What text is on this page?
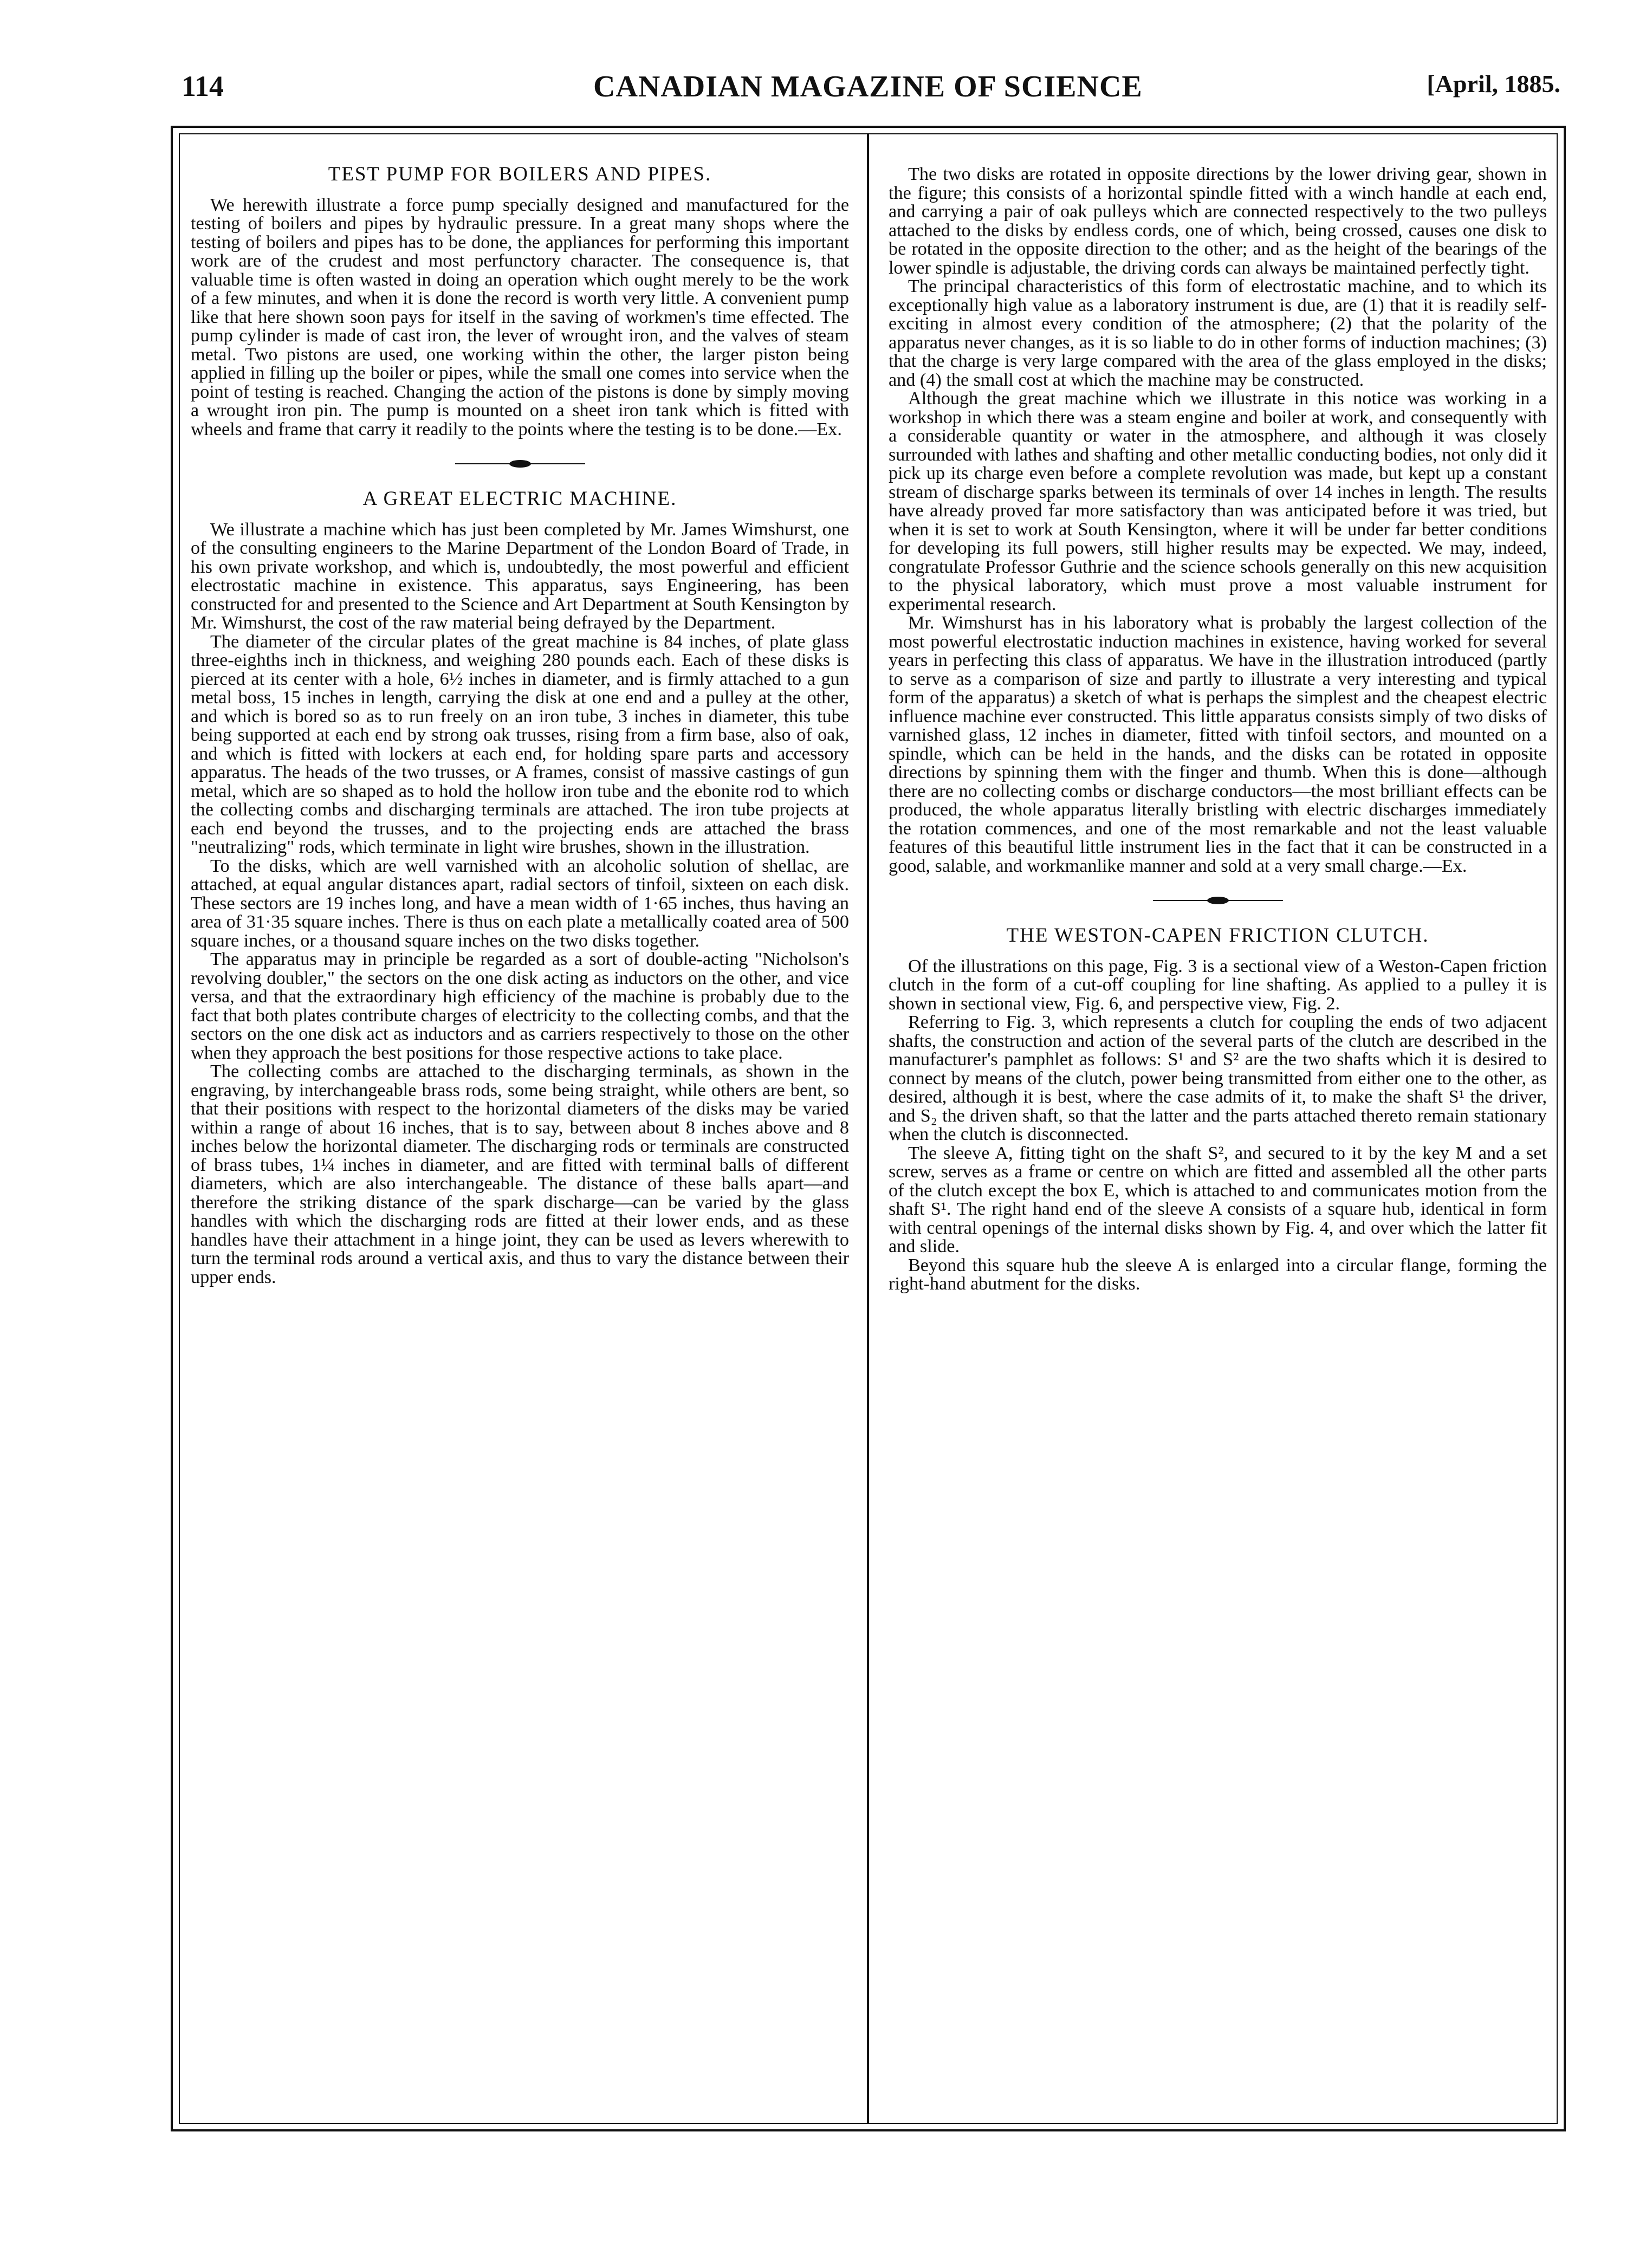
114	CANADIAN MAGAZINE OF SCIENCE	[April, 1885.
TEST PUMP FOR BOILERS AND PIPES.

We herewith illustrate a force pump specially designed and manufactured for the testing of boilers and pipes by hydraulic pressure. In a great many shops where the testing of boilers and pipes has to be done, the appliances for performing this important work are of the crudest and most perfunctory character. The consequence is, that valuable time is often wasted in doing an operation which ought merely to be the work of a few minutes, and when it is done the record is worth very little. A convenient pump like that here shown soon pays for itself in the saving of workmen's time effected. The pump cylinder is made of cast iron, the lever of wrought iron, and the valves of steam metal. Two pistons are used, one working within the other, the larger piston being applied in filling up the boiler or pipes, while the small one comes into service when the point of testing is reached. Changing the action of the pistons is done by simply moving a wrought iron pin. The pump is mounted on a sheet iron tank which is fitted with wheels and frame that carry it readily to the points where the testing is to be done.—Ex.

A GREAT ELECTRIC MACHINE.

We illustrate a machine which has just been completed by Mr. James Wimshurst, one of the consulting engineers to the Marine Department of the London Board of Trade, in his own private workshop, and which is, undoubtedly, the most powerful and efficient electrostatic machine in existence. This apparatus, says Engineering, has been constructed for and presented to the Science and Art Department at South Kensington by Mr. Wimshurst, the cost of the raw material being defrayed by the Department.

The diameter of the circular plates of the great machine is 84 inches, of plate glass three-eighths inch in thickness, and weighing 280 pounds each. Each of these disks is pierced at its center with a hole, 6½ inches in diameter, and is firmly attached to a gun metal boss, 15 inches in length, carrying the disk at one end and a pulley at the other, and which is bored so as to run freely on an iron tube, 3 inches in diameter, this tube being supported at each end by strong oak trusses, rising from a firm base, also of oak, and which is fitted with lockers at each end, for holding spare parts and accessory apparatus. The heads of the two trusses, or A frames, consist of massive castings of gun metal, which are so shaped as to hold the hollow iron tube and the ebonite rod to which the collecting combs and discharging terminals are attached. The iron tube projects at each end beyond the trusses, and to the projecting ends are attached the brass "neutralizing" rods, which terminate in light wire brushes, shown in the illustration.

To the disks, which are well varnished with an alcoholic solution of shellac, are attached, at equal angular distances apart, radial sectors of tinfoil, sixteen on each disk. These sectors are 19 inches long, and have a mean width of 1·65 inches, thus having an area of 31·35 square inches. There is thus on each plate a metallically coated area of 500 square inches, or a thousand square inches on the two disks together.

The apparatus may in principle be regarded as a sort of double-acting "Nicholson's revolving doubler," the sectors on the one disk acting as inductors on the other, and vice versa, and that the extraordinary high efficiency of the machine is probably due to the fact that both plates contribute charges of electricity to the collecting combs, and that the sectors on the one disk act as inductors and as carriers respectively to those on the other when they approach the best positions for those respective actions to take place.

The collecting combs are attached to the discharging terminals, as shown in the engraving, by interchangeable brass rods, some being straight, while others are bent, so that their positions with respect to the horizontal diameters of the disks may be varied within a range of about 16 inches, that is to say, between about 8 inches above and 8 inches below the horizontal diameter. The discharging rods or terminals are constructed of brass tubes, 1¼ inches in diameter, and are fitted with terminal balls of different diameters, which are also interchangeable. The distance of these balls apart—and therefore the striking distance of the spark discharge—can be varied by the glass handles with which the discharging rods are fitted at their lower ends, and as these handles have their attachment in a hinge joint, they can be used as levers wherewith to turn the terminal rods around a vertical axis, and thus to vary the distance between their upper ends.

The two disks are rotated in opposite directions by the lower driving gear, shown in the figure; this consists of a horizontal spindle fitted with a winch handle at each end, and carrying a pair of oak pulleys which are connected respectively to the two pulleys attached to the disks by endless cords, one of which, being crossed, causes one disk to be rotated in the opposite direction to the other; and as the height of the bearings of the lower spindle is adjustable, the driving cords can always be maintained perfectly tight.

The principal characteristics of this form of electrostatic machine, and to which its exceptionally high value as a laboratory instrument is due, are (1) that it is readily self-exciting in almost every condition of the atmosphere; (2) that the polarity of the apparatus never changes, as it is so liable to do in other forms of induction machines; (3) that the charge is very large compared with the area of the glass employed in the disks; and (4) the small cost at which the machine may be constructed.

Although the great machine which we illustrate in this notice was working in a workshop in which there was a steam engine and boiler at work, and consequently with a considerable quantity or water in the atmosphere, and although it was closely surrounded with lathes and shafting and other metallic conducting bodies, not only did it pick up its charge even before a complete revolution was made, but kept up a constant stream of discharge sparks between its terminals of over 14 inches in length. The results have already proved far more satisfactory than was anticipated before it was tried, but when it is set to work at South Kensington, where it will be under far better conditions for developing its full powers, still higher results may be expected. We may, indeed, congratulate Professor Guthrie and the science schools generally on this new acquisition to the physical laboratory, which must prove a most valuable instrument for experimental research.

Mr. Wimshurst has in his laboratory what is probably the largest collection of the most powerful electrostatic induction machines in existence, having worked for several years in perfecting this class of apparatus. We have in the illustration introduced (partly to serve as a comparison of size and partly to illustrate a very interesting and typical form of the apparatus) a sketch of what is perhaps the simplest and the cheapest electric influence machine ever constructed. This little apparatus consists simply of two disks of varnished glass, 12 inches in diameter, fitted with tinfoil sectors, and mounted on a spindle, which can be held in the hands, and the disks can be rotated in opposite directions by spinning them with the finger and thumb. When this is done—although there are no collecting combs or discharge conductors—the most brilliant effects can be produced, the whole apparatus literally bristling with electric discharges immediately the rotation commences, and one of the most remarkable and not the least valuable features of this beautiful little instrument lies in the fact that it can be constructed in a good, salable, and workmanlike manner and sold at a very small charge.—Ex.

THE WESTON-CAPEN FRICTION CLUTCH.

Of the illustrations on this page, Fig. 3 is a sectional view of a Weston-Capen friction clutch in the form of a cut-off coupling for line shafting. As applied to a pulley it is shown in sectional view, Fig. 6, and perspective view, Fig. 2.

Referring to Fig. 3, which represents a clutch for coupling the ends of two adjacent shafts, the construction and action of the several parts of the clutch are described in the manufacturer's pamphlet as follows: S¹ and S² are the two shafts which it is desired to connect by means of the clutch, power being transmitted from either one to the other, as desired, although it is best, where the case admits of it, to make the shaft S¹ the driver, and S₂ the driven shaft, so that the latter and the parts attached thereto remain stationary when the clutch is disconnected.

The sleeve A, fitting tight on the shaft S², and secured to it by the key M and a set screw, serves as a frame or centre on which are fitted and assembled all the other parts of the clutch except the box E, which is attached to and communicates motion from the shaft S¹. The right hand end of the sleeve A consists of a square hub, identical in form with central openings of the internal disks shown by Fig. 4, and over which the latter fit and slide.

Beyond this square hub the sleeve A is enlarged into a circular flange, forming the right-hand abutment for the disks.
